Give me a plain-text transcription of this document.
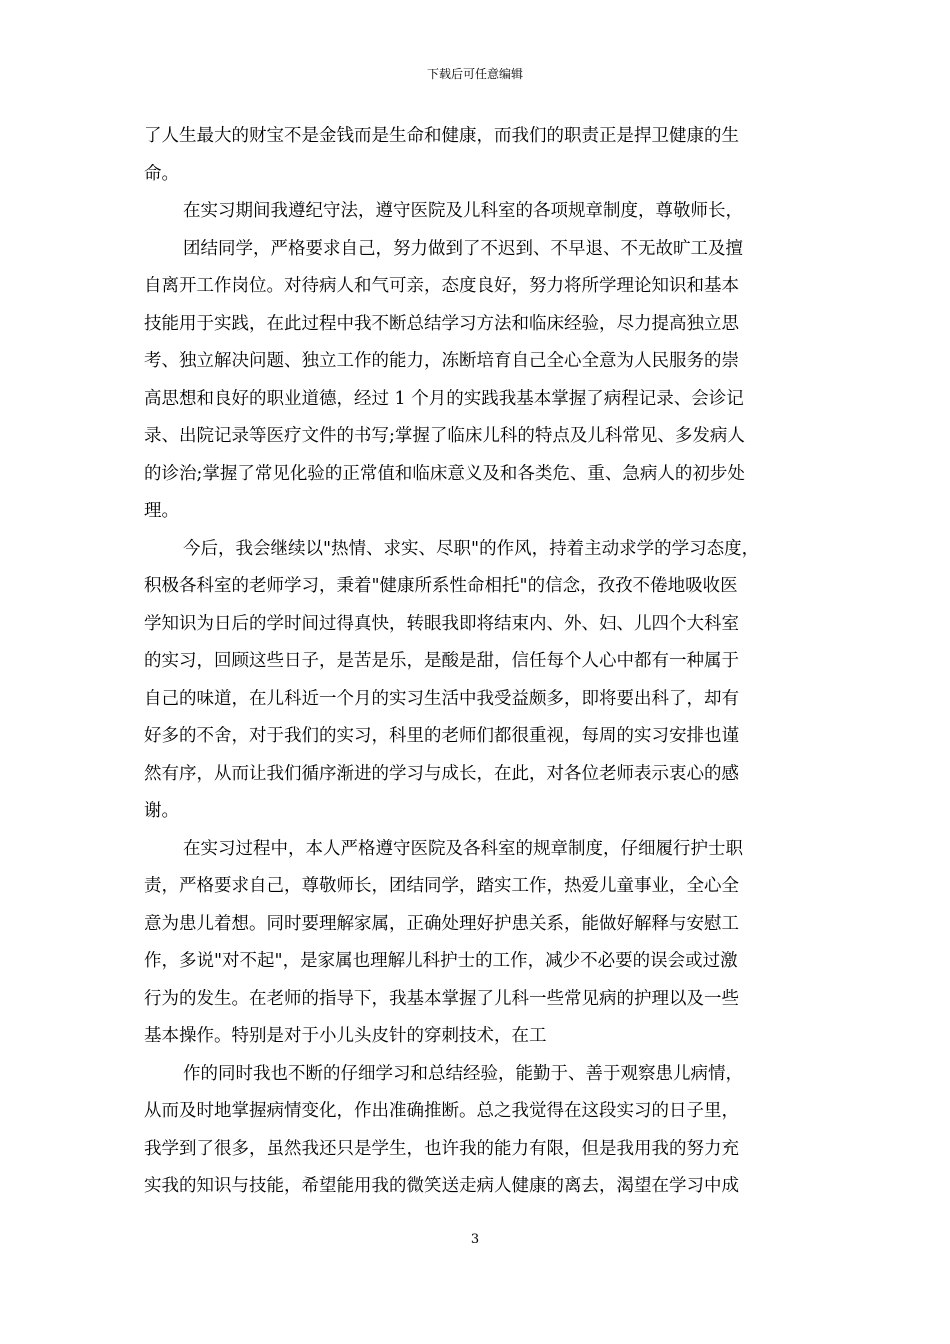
下载后可任意编辑
了人生最大的财宝不是金钱而是生命和健康，而我们的职责正是捍卫健康的生
命。
在实习期间我遵纪守法，遵守医院及儿科室的各项规章制度，尊敬师长，
团结同学，严格要求自己，努力做到了不迟到、不早退、不无故旷工及擅
自离开工作岗位。对待病人和气可亲，态度良好，努力将所学理论知识和基本
技能用于实践，在此过程中我不断总结学习方法和临床经验，尽力提高独立思
考、独立解决问题、独立工作的能力，冻断培育自己全心全意为人民服务的崇
高思想和良好的职业道德，经过 1 个月的实践我基本掌握了病程记录、会诊记
录、出院记录等医疗文件的书写;掌握了临床儿科的特点及儿科常见、多发病人
的诊治;掌握了常见化验的正常值和临床意义及和各类危、重、急病人的初步处
理。
今后，我会继续以"热情、求实、尽职"的作风，持着主动求学的学习态度，
积极各科室的老师学习，秉着"健康所系性命相托"的信念，孜孜不倦地吸收医
学知识为日后的学时间过得真快，转眼我即将结束内、外、妇、儿四个大科室
的实习，回顾这些日子，是苦是乐，是酸是甜，信任每个人心中都有一种属于
自己的味道，在儿科近一个月的实习生活中我受益颇多，即将要出科了，却有
好多的不舍，对于我们的实习，科里的老师们都很重视，每周的实习安排也谨
然有序，从而让我们循序渐进的学习与成长，在此，对各位老师表示衷心的感
谢。
在实习过程中，本人严格遵守医院及各科室的规章制度，仔细履行护士职
责，严格要求自己，尊敬师长，团结同学，踏实工作，热爱儿童事业，全心全
意为患儿着想。同时要理解家属，正确处理好护患关系，能做好解释与安慰工
作，多说"对不起"，是家属也理解儿科护士的工作，减少不必要的误会或过激
行为的发生。在老师的指导下，我基本掌握了儿科一些常见病的护理以及一些
基本操作。特别是对于小儿头皮针的穿刺技术，在工
作的同时我也不断的仔细学习和总结经验，能勤于、善于观察患儿病情，
从而及时地掌握病情变化，作出准确推断。总之我觉得在这段实习的日子里，
我学到了很多，虽然我还只是学生，也许我的能力有限，但是我用我的努力充
实我的知识与技能，希望能用我的微笑送走病人健康的离去，渴望在学习中成
3
